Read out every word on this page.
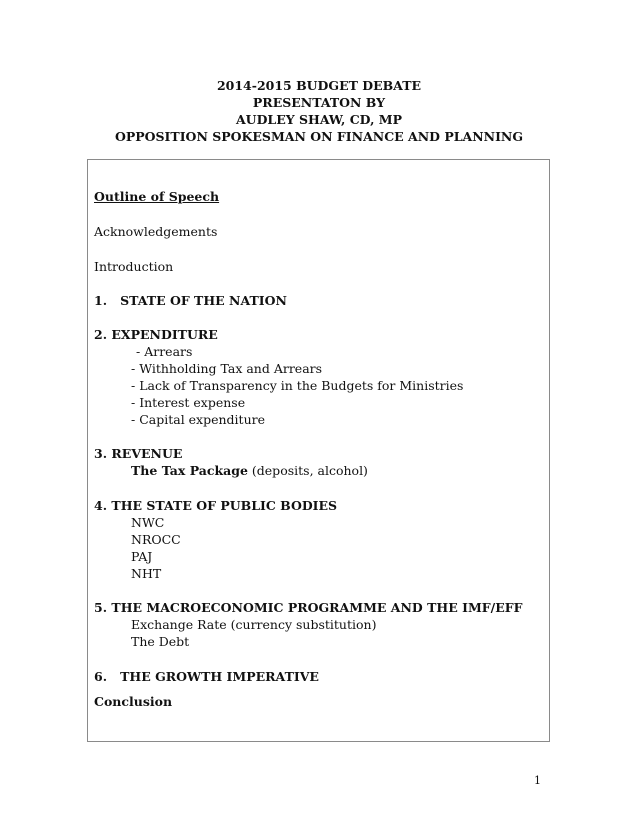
2014-2015 BUDGET DEBATE
PRESENTATON BY
AUDLEY SHAW, CD, MP
OPPOSITION SPOKESMAN ON FINANCE AND PLANNING
Outline of Speech
Acknowledgements
Introduction
1.   STATE OF THE NATION
2. EXPENDITURE
- Arrears
- Withholding Tax and Arrears
- Lack of Transparency in the Budgets for Ministries
- Interest expense
- Capital expenditure
3. REVENUE
The Tax Package (deposits, alcohol)
4. THE STATE OF PUBLIC BODIES
NWC
NROCC
PAJ
NHT
5. THE MACROECONOMIC PROGRAMME AND THE IMF/EFF
Exchange Rate (currency substitution)
The Debt
6.   THE GROWTH IMPERATIVE
Conclusion
1
